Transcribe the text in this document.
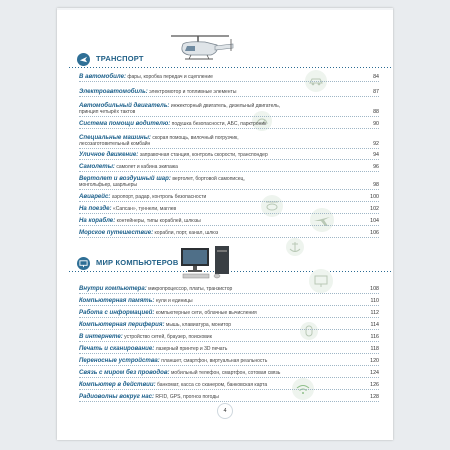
ТРАНСПОРТ
МИР КОМПЬЮТЕРОВ
В автомобиле: фары, коробка передач и сцепление	84
Электроавтомобиль: электромотор и топливные элементы	87
Автомобильный двигатель: инжекторный двигатель, дизельный двигатель,
принцип четырёх тактов	88
Система помощи водителю: подушка безопасности, АБС, парктроник	90
Специальные машины: скорая помощь, вилочный погрузчик,
лесозаготовительный комбайн	92
Уличное движение: заправочная станция, контроль скорости, транспондер	94
Самолеты: самолет и кабина экипажа	96
Вертолет и воздушный шар: вертолет, бортовой самописец,
монгольфьер, шарльеры	98
Авиарейс: аэропорт, радар, контроль безопасности	100
На поезде: «Сапсан», туннели, маглев	102
На корабле: контейнеры, типы кораблей, шлюзы	104
Морское путешествие: корабли, порт, канал, шлюз	106
Внутри компьютера: микропроцессор, платы, транзистор	108
Компьютерная память: нули и единицы	110
Работа с информацией: компьютерные сети, облачные вычисления	112
Компьютерная периферия: мышь, клавиатура, монитор	114
В интернете: устройство сетей, браузер, поисковик	116
Печать и сканирование: лазерный принтер и 3D печать	118
Переносные устройства: планшет, смартфон, виртуальная реальность	120
Связь с миром без проводов: мобильный телефон, смартфон, сотовая связь	124
Компьютер в действии: банкомат, касса со сканером, банковская карта	126
Радиоволны вокруг нас: RFID, GPS, прогноз погоды	128
4
